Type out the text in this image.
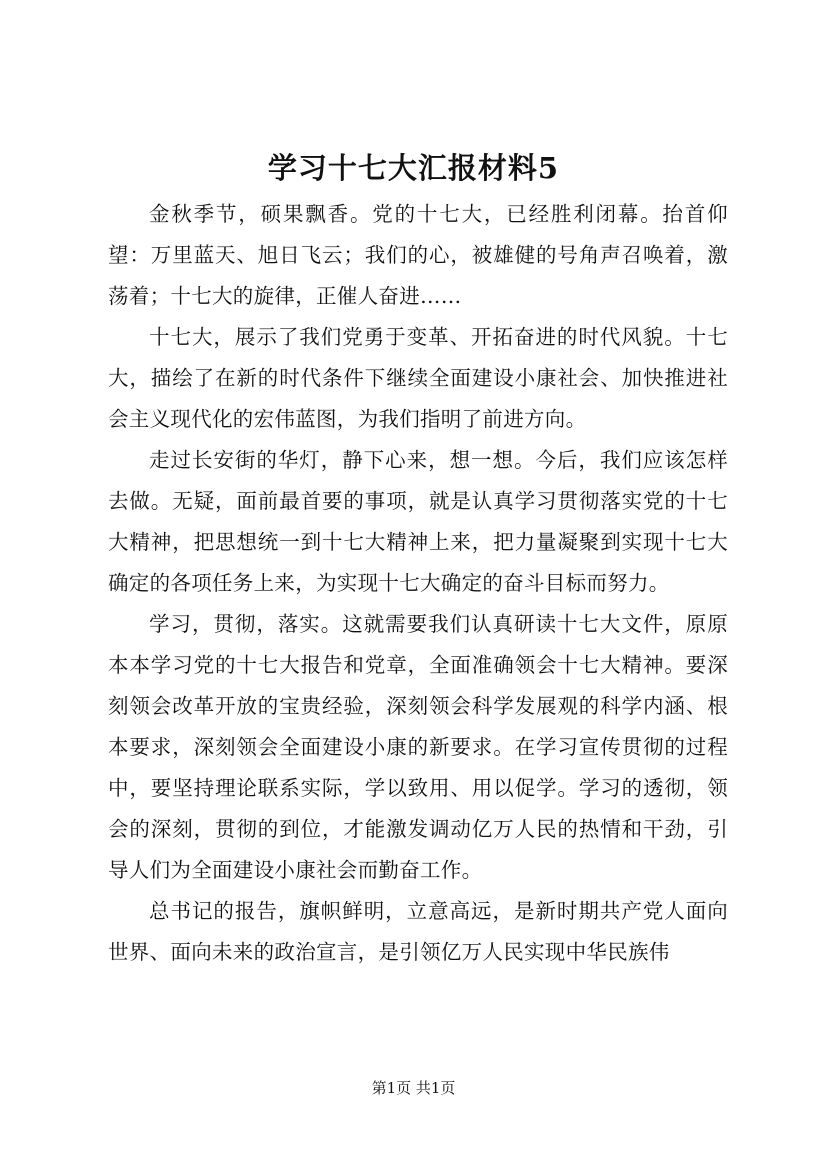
学习十七大汇报材料5

金秋季节，硕果飘香。党的十七大，已经胜利闭幕。抬首仰望：万里蓝天、旭日飞云；我们的心，被雄健的号角声召唤着，激荡着；十七大的旋律，正催人奋进……

十七大，展示了我们党勇于变革、开拓奋进的时代风貌。十七大，描绘了在新的时代条件下继续全面建设小康社会、加快推进社会主义现代化的宏伟蓝图，为我们指明了前进方向。

走过长安街的华灯，静下心来，想一想。今后，我们应该怎样去做。无疑，面前最首要的事项，就是认真学习贯彻落实党的十七大精神，把思想统一到十七大精神上来，把力量凝聚到实现十七大确定的各项任务上来，为实现十七大确定的奋斗目标而努力。

学习，贯彻，落实。这就需要我们认真研读十七大文件，原原本本学习党的十七大报告和党章，全面准确领会十七大精神。要深刻领会改革开放的宝贵经验，深刻领会科学发展观的科学内涵、根本要求，深刻领会全面建设小康的新要求。在学习宣传贯彻的过程中，要坚持理论联系实际，学以致用、用以促学。学习的透彻，领会的深刻，贯彻的到位，才能激发调动亿万人民的热情和干劲，引导人们为全面建设小康社会而勤奋工作。

总书记的报告，旗帜鲜明，立意高远，是新时期共产党人面向世界、面向未来的政治宣言，是引领亿万人民实现中华民族伟

第1页 共1页
